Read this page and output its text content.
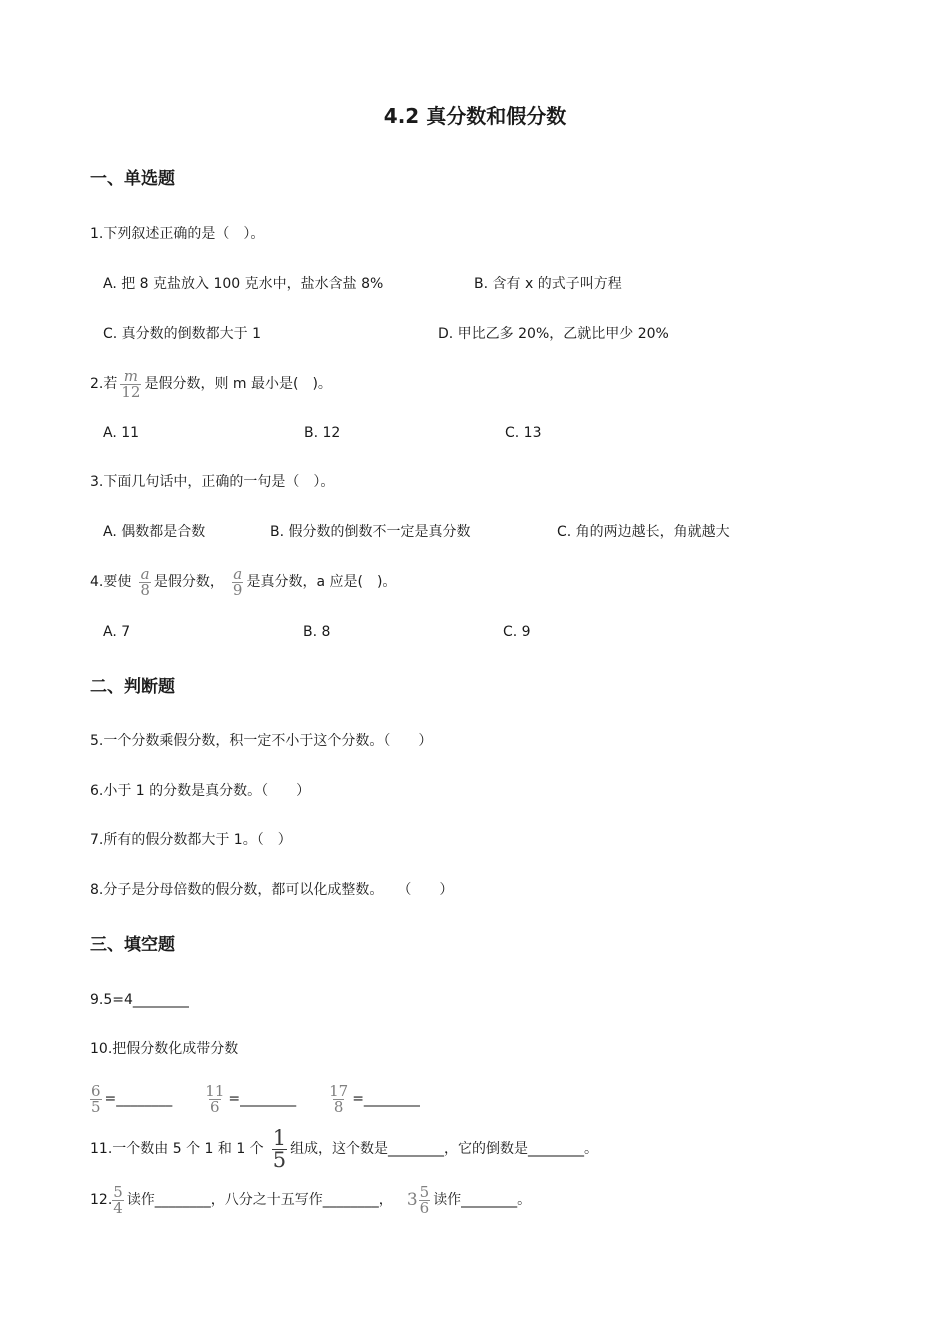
4.2 真分数和假分数
一、单选题
1.下列叙述正确的是（　）。
A. 把 8 克盐放入 100 克水中，盐水含盐 8%	B. 含有 x 的式子叫方程
C. 真分数的倒数都大于 1	D. 甲比乙多 20%，乙就比甲少 20%
2.若 $\frac{m}{12}$ 是假分数，则 m 最小是(　)。
A. 11	B. 12	C. 13
3.下面几句话中，正确的一句是（　）。
A. 偶数都是合数	B. 假分数的倒数不一定是真分数	C. 角的两边越长，角就越大
4.要使 $\frac{a}{8}$ 是假分数， $\frac{a}{9}$ 是真分数，a 应是(　)。
A. 7	B. 8	C. 9
二、判断题
5.一个分数乘假分数，积一定不小于这个分数。（　　）
6.小于 1 的分数是真分数。（　　）
7.所有的假分数都大于 1。（　）
8.分子是分母倍数的假分数，都可以化成整数。　　（　　）
三、填空题
9.5=4________
10.把假分数化成带分数
$\frac{6}{5}$ =________ $\frac{11}{6}$ =________ $\frac{17}{8}$ =________
11.一个数由 5 个 1 和 1 个 $\frac{1}{5}$ 组成，这个数是________，它的倒数是________。
12. $\frac{5}{4}$ 读作________，八分之十五写作________， $3 \frac{5}{6}$ 读作________。
